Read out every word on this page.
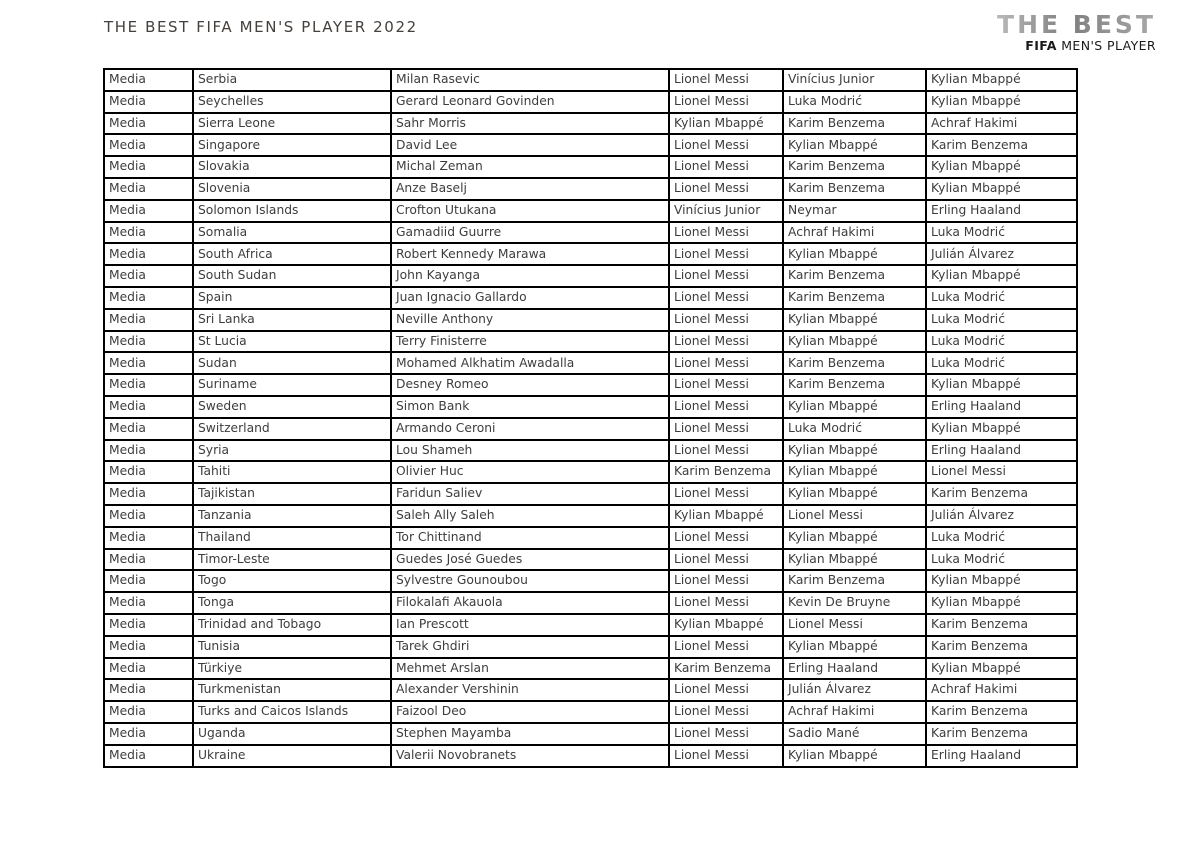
THE BEST FIFA MEN'S PLAYER 2022	THE BEST
FIFA MEN'S PLAYER
Media	Serbia	Milan Rasevic	Lionel Messi	Vinícius Junior	Kylian Mbappé
Media	Seychelles	Gerard Leonard Govinden	Lionel Messi	Luka Modrić	Kylian Mbappé
Media	Sierra Leone	Sahr Morris	Kylian Mbappé	Karim Benzema	Achraf Hakimi
Media	Singapore	David Lee	Lionel Messi	Kylian Mbappé	Karim Benzema
Media	Slovakia	Michal Zeman	Lionel Messi	Karim Benzema	Kylian Mbappé
Media	Slovenia	Anze Baselj	Lionel Messi	Karim Benzema	Kylian Mbappé
Media	Solomon Islands	Crofton Utukana	Vinícius Junior	Neymar	Erling Haaland
Media	Somalia	Gamadiid Guurre	Lionel Messi	Achraf Hakimi	Luka Modrić
Media	South Africa	Robert Kennedy Marawa	Lionel Messi	Kylian Mbappé	Julián Álvarez
Media	South Sudan	John Kayanga	Lionel Messi	Karim Benzema	Kylian Mbappé
Media	Spain	Juan Ignacio Gallardo	Lionel Messi	Karim Benzema	Luka Modrić
Media	Sri Lanka	Neville Anthony	Lionel Messi	Kylian Mbappé	Luka Modrić
Media	St Lucia	Terry Finisterre	Lionel Messi	Kylian Mbappé	Luka Modrić
Media	Sudan	Mohamed Alkhatim Awadalla	Lionel Messi	Karim Benzema	Luka Modrić
Media	Suriname	Desney Romeo	Lionel Messi	Karim Benzema	Kylian Mbappé
Media	Sweden	Simon Bank	Lionel Messi	Kylian Mbappé	Erling Haaland
Media	Switzerland	Armando Ceroni	Lionel Messi	Luka Modrić	Kylian Mbappé
Media	Syria	Lou Shameh	Lionel Messi	Kylian Mbappé	Erling Haaland
Media	Tahiti	Olivier Huc	Karim Benzema	Kylian Mbappé	Lionel Messi
Media	Tajikistan	Faridun Saliev	Lionel Messi	Kylian Mbappé	Karim Benzema
Media	Tanzania	Saleh Ally Saleh	Kylian Mbappé	Lionel Messi	Julián Álvarez
Media	Thailand	Tor Chittinand	Lionel Messi	Kylian Mbappé	Luka Modrić
Media	Timor-Leste	Guedes José Guedes	Lionel Messi	Kylian Mbappé	Luka Modrić
Media	Togo	Sylvestre Gounoubou	Lionel Messi	Karim Benzema	Kylian Mbappé
Media	Tonga	Filokalafi Akauola	Lionel Messi	Kevin De Bruyne	Kylian Mbappé
Media	Trinidad and Tobago	Ian Prescott	Kylian Mbappé	Lionel Messi	Karim Benzema
Media	Tunisia	Tarek Ghdiri	Lionel Messi	Kylian Mbappé	Karim Benzema
Media	Türkiye	Mehmet Arslan	Karim Benzema	Erling Haaland	Kylian Mbappé
Media	Turkmenistan	Alexander Vershinin	Lionel Messi	Julián Álvarez	Achraf Hakimi
Media	Turks and Caicos Islands	Faizool Deo	Lionel Messi	Achraf Hakimi	Karim Benzema
Media	Uganda	Stephen Mayamba	Lionel Messi	Sadio Mané	Karim Benzema
Media	Ukraine	Valerii Novobranets	Lionel Messi	Kylian Mbappé	Erling Haaland
